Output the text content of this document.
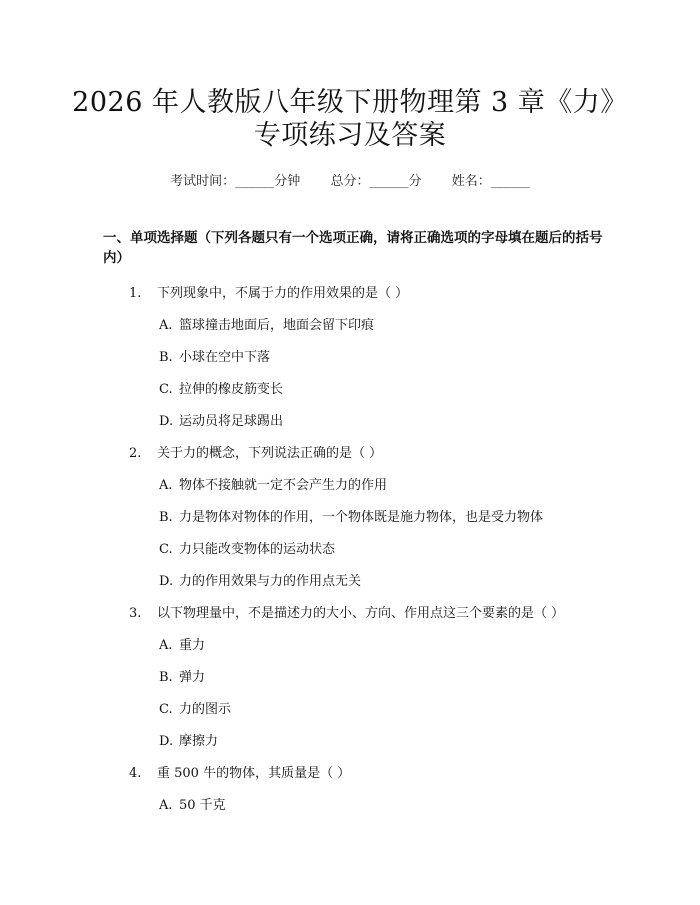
2026 年人教版八年级下册物理第 3 章《力》
专项练习及答案
考试时间：______分钟 总分：______分 姓名：______
一、单项选择题（下列各题只有一个选项正确，请将正确选项的字母填在题后的括号内）
1. 下列现象中，不属于力的作用效果的是（ ）
A. 篮球撞击地面后，地面会留下印痕
B. 小球在空中下落
C. 拉伸的橡皮筋变长
D. 运动员将足球踢出
2. 关于力的概念，下列说法正确的是（ ）
A. 物体不接触就一定不会产生力的作用
B. 力是物体对物体的作用，一个物体既是施力物体，也是受力物体
C. 力只能改变物体的运动状态
D. 力的作用效果与力的作用点无关
3. 以下物理量中，不是描述力的大小、方向、作用点这三个要素的是（ ）
A. 重力
B. 弹力
C. 力的图示
D. 摩擦力
4. 重 500 牛的物体，其质量是（ ）
A. 50 千克
